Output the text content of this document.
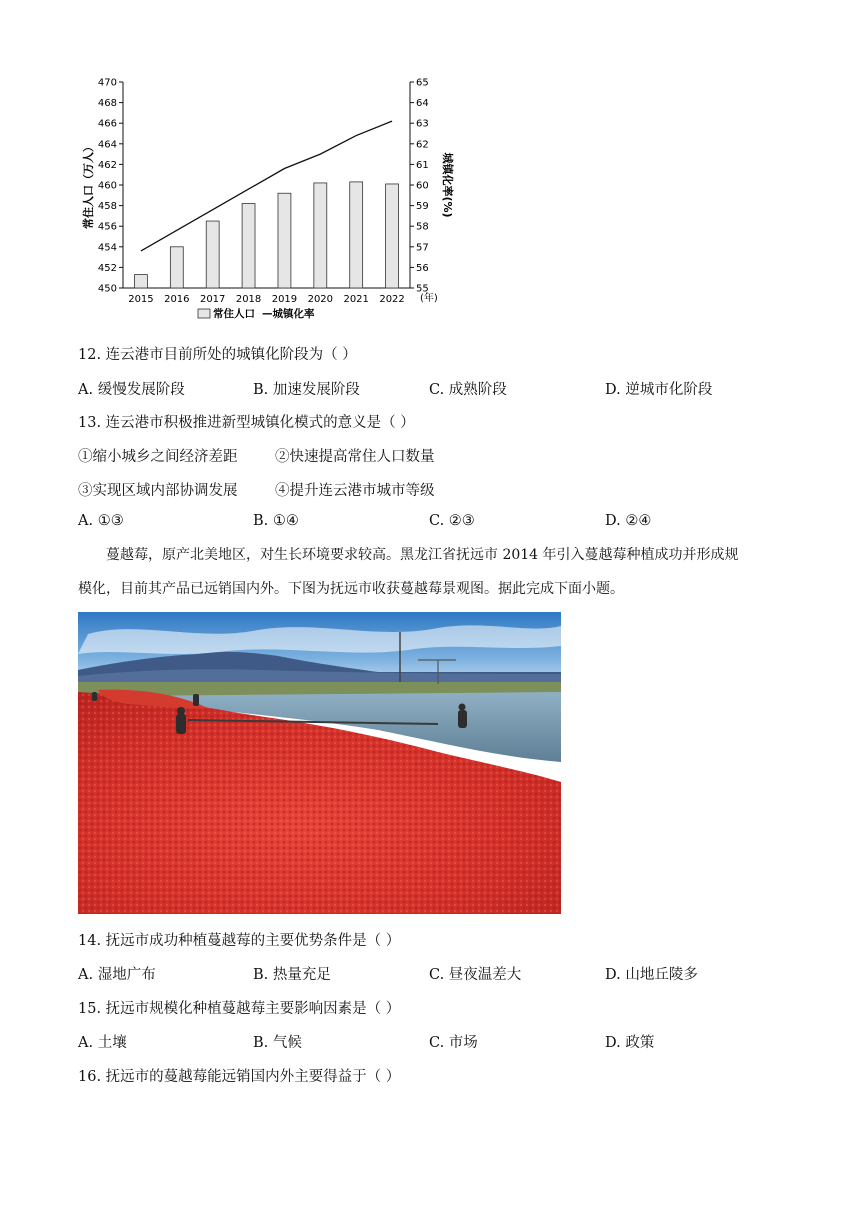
470
468
466
464
462
460
458
456
454
452
450
65
64
63
62
61
60
59
58
57
56
55
2015 2016 2017 2018 2019 2020 2021 2022 (年)
常住人口（万人）	城镇化率(%)
常住人口 —城镇化率
12. 连云港市目前所处的城镇化阶段为（ ）
A. 缓慢发展阶段	B. 加速发展阶段	C. 成熟阶段	D. 逆城市化阶段
13. 连云港市积极推进新型城镇化模式的意义是（ ）
①缩小城乡之间经济差距	②快速提高常住人口数量
③实现区域内部协调发展	④提升连云港市城市等级
A. ①③	B. ①④	C. ②③	D. ②④
蔓越莓，原产北美地区，对生长环境要求较高。黑龙江省抚远市 2014 年引入蔓越莓种植成功并形成规
模化，目前其产品已远销国内外。下图为抚远市收获蔓越莓景观图。据此完成下面小题。
14. 抚远市成功种植蔓越莓的主要优势条件是（ ）
A. 湿地广布	B. 热量充足	C. 昼夜温差大	D. 山地丘陵多
15. 抚远市规模化种植蔓越莓主要影响因素是（ ）
A. 土壤	B. 气候	C. 市场	D. 政策
16. 抚远市的蔓越莓能远销国内外主要得益于（ ）
